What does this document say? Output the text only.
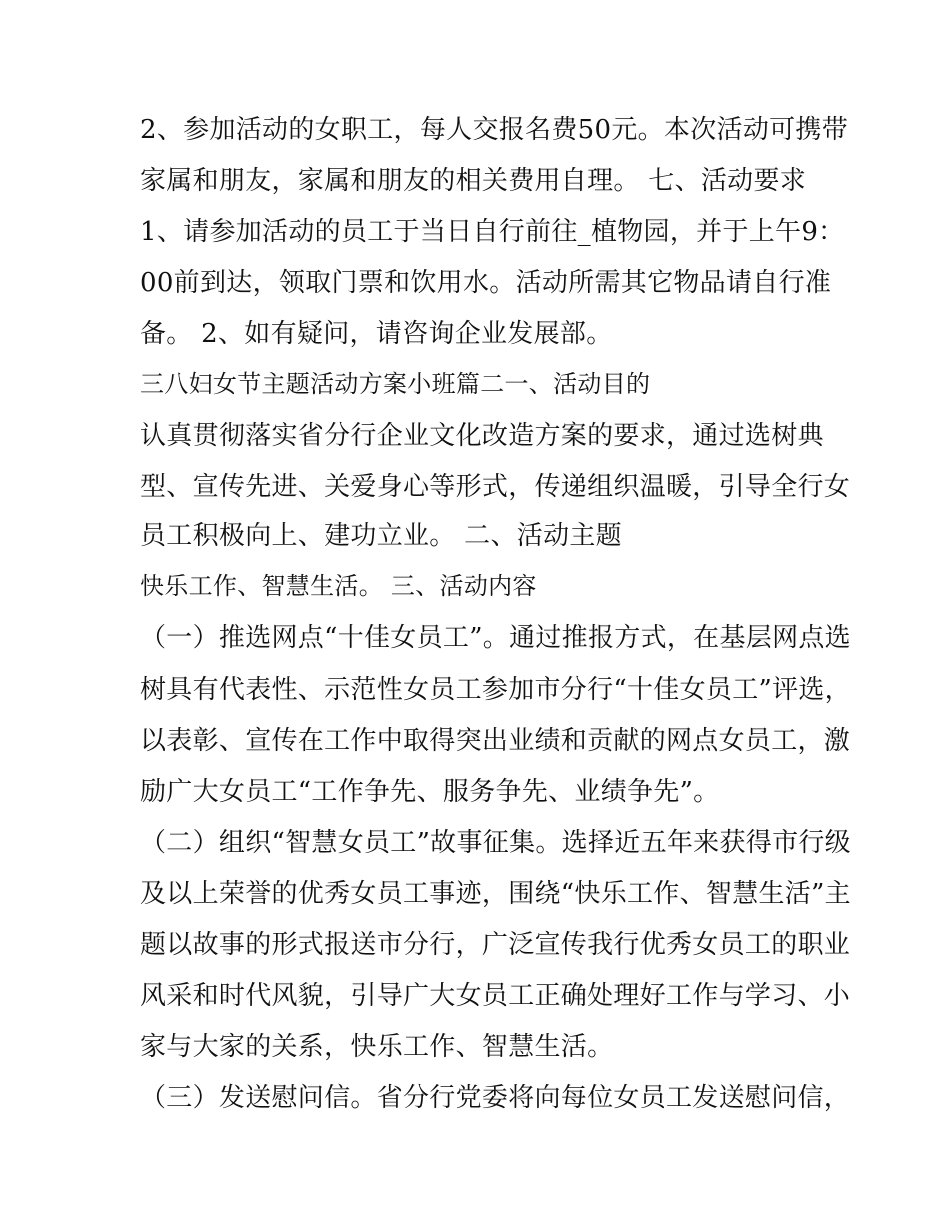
2、参加活动的女职工，每人交报名费50元。本次活动可携带
家属和朋友，家属和朋友的相关费用自理。 七、活动要求
1、请参加活动的员工于当日自行前往_植物园，并于上午9：
00前到达，领取门票和饮用水。活动所需其它物品请自行准
备。 2、如有疑问，请咨询企业发展部。
三八妇女节主题活动方案小班篇二一、活动目的
认真贯彻落实省分行企业文化改造方案的要求，通过选树典
型、宣传先进、关爱身心等形式，传递组织温暖，引导全行女
员工积极向上、建功立业。 二、活动主题
快乐工作、智慧生活。 三、活动内容
（一）推选网点“十佳女员工”。通过推报方式，在基层网点选
树具有代表性、示范性女员工参加市分行“十佳女员工”评选，
以表彰、宣传在工作中取得突出业绩和贡献的网点女员工，激
励广大女员工“工作争先、服务争先、业绩争先”。
（二）组织“智慧女员工”故事征集。选择近五年来获得市行级
及以上荣誉的优秀女员工事迹，围绕“快乐工作、智慧生活”主
题以故事的形式报送市分行，广泛宣传我行优秀女员工的职业
风采和时代风貌，引导广大女员工正确处理好工作与学习、小
家与大家的关系，快乐工作、智慧生活。
（三）发送慰问信。省分行党委将向每位女员工发送慰问信，
